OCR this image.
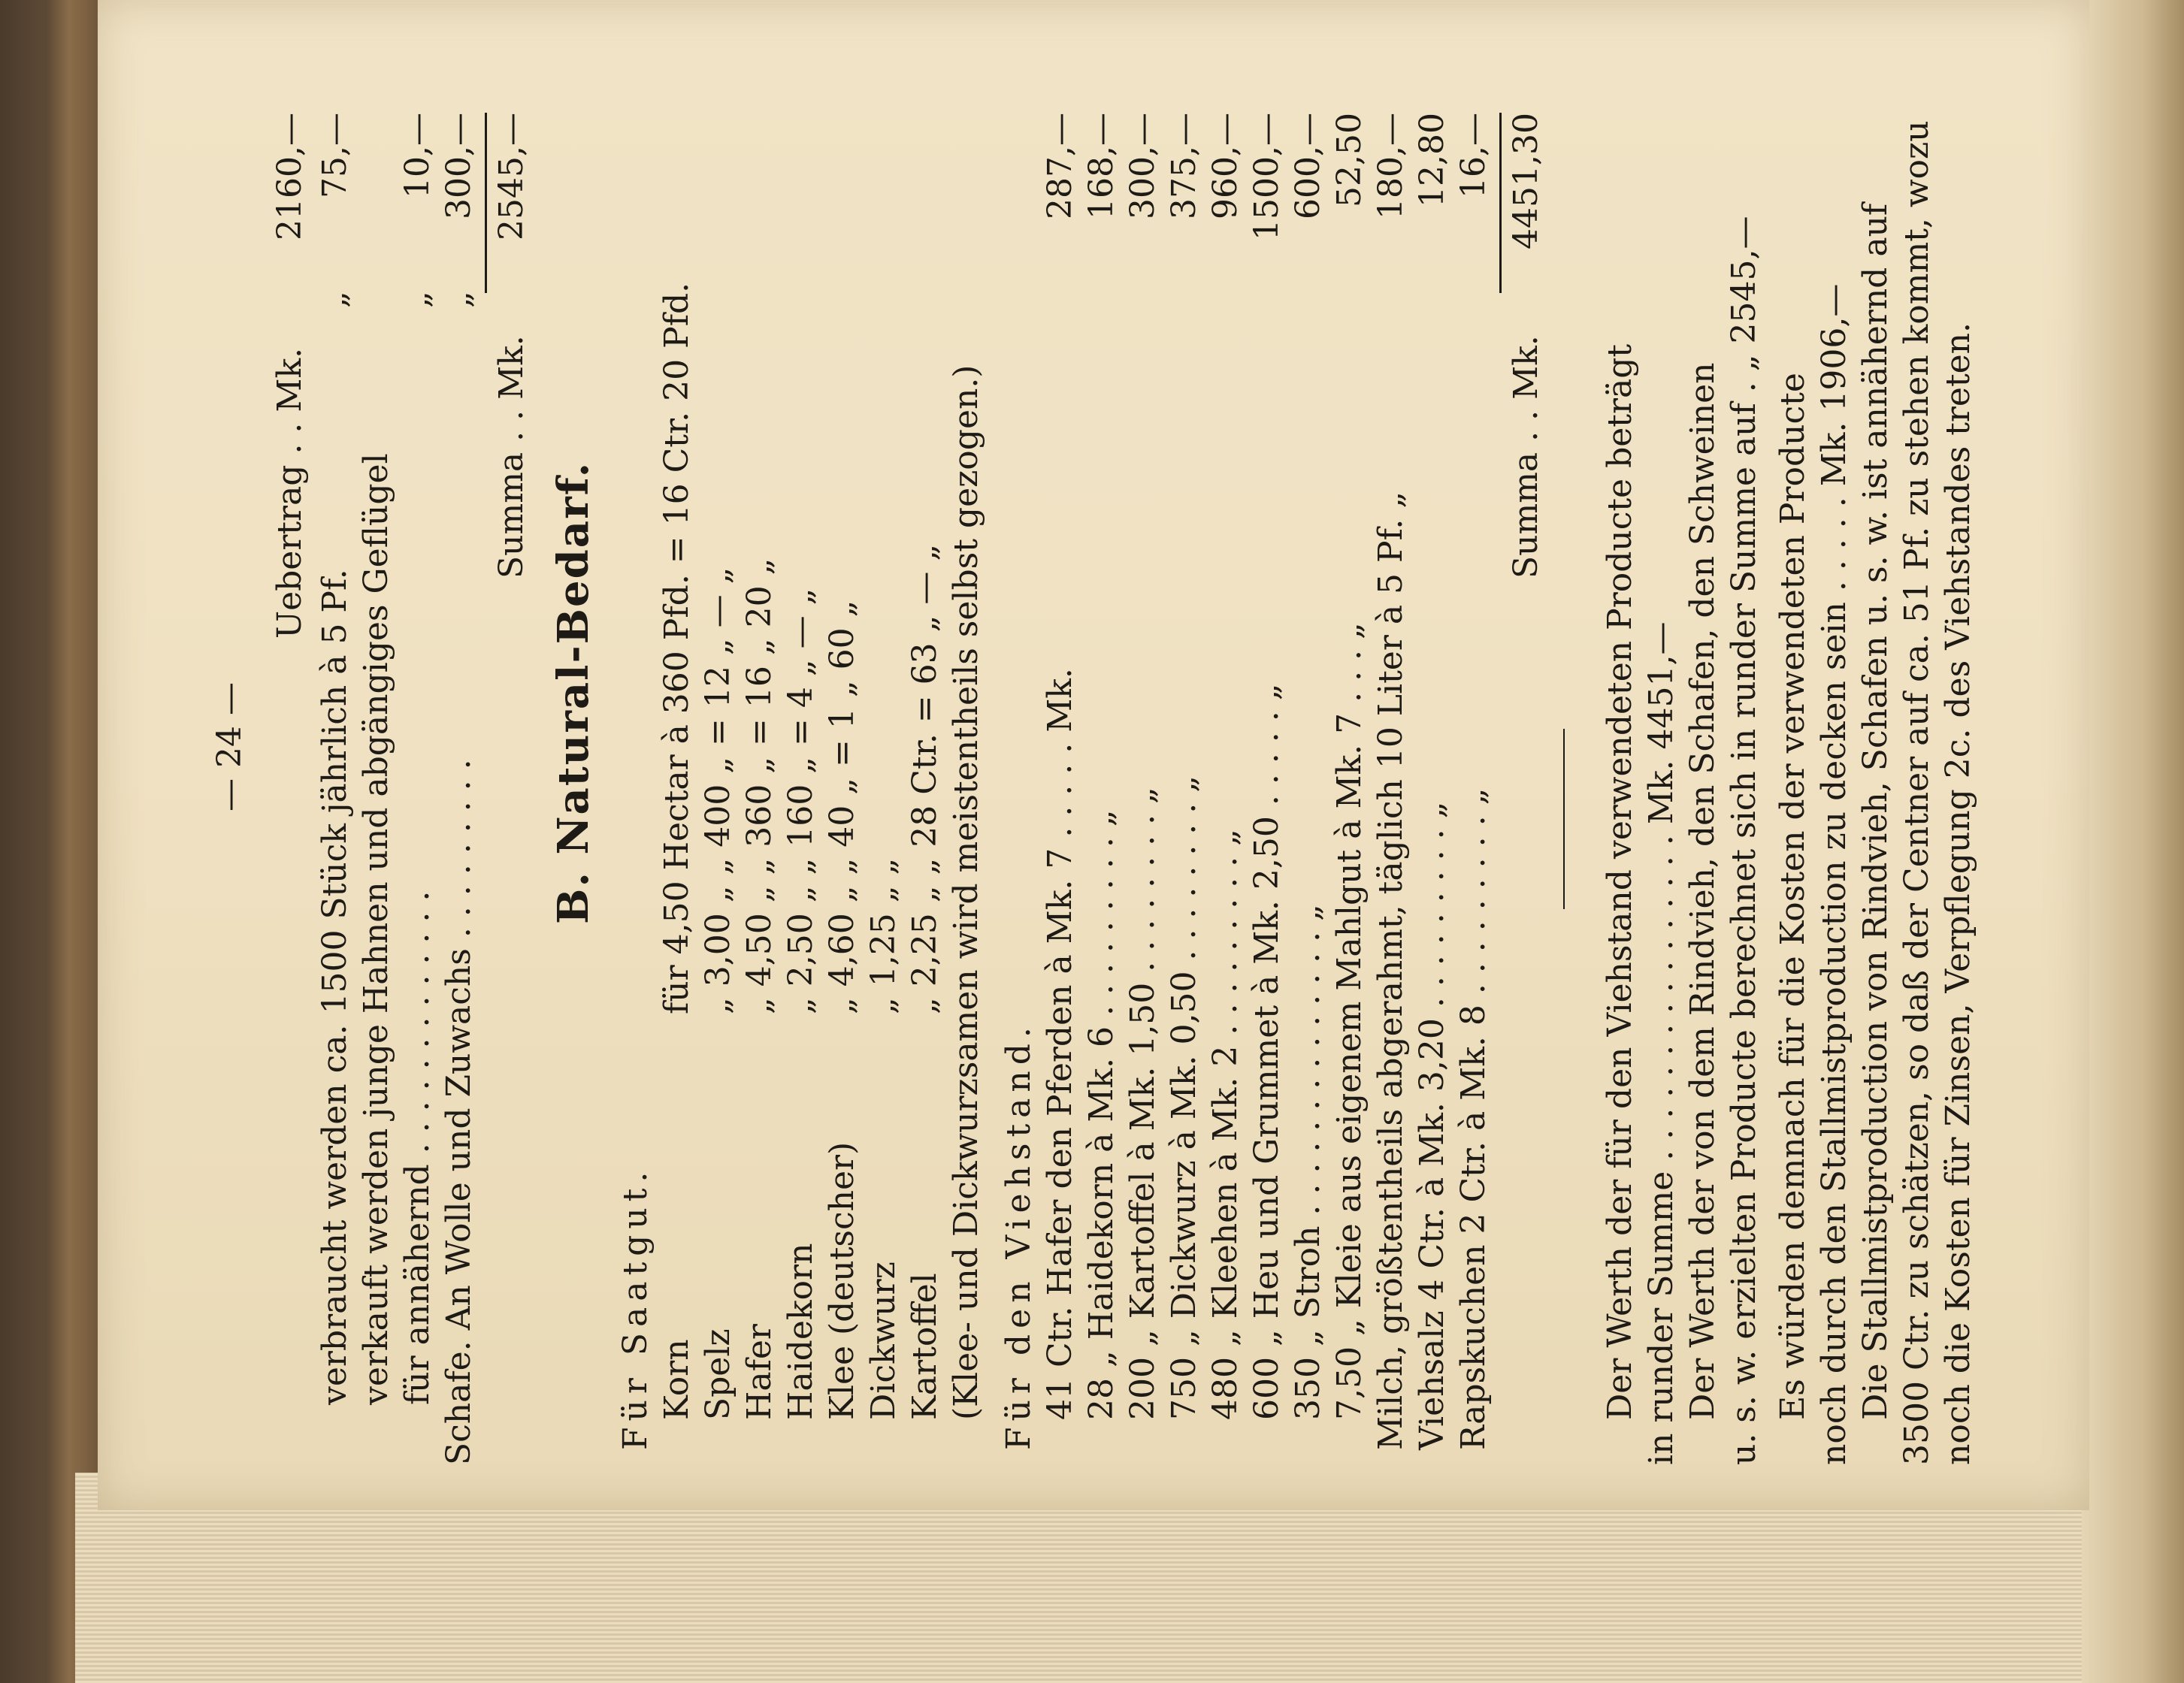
— 24 —
Uebertrag . . Mk.
2160,—
verbraucht werden ca. 1500 Stück jährlich à 5 Pf.
„
75,—
verkauft werden junge Hahnen und abgängiges Geflügel für annähernd . . . . . . . . . . . . .
„
10,—
Schafe. An Wolle und Zuwachs . . . . . . . . .
„
300,—
Summa . . Mk.
2545,—
B. Natural-Bedarf.
Für Saatgut. Korn
für 4,50 Hectar à 360 Pfd. = 16 Ctr. 20 Pfd.
Spelz
„ 3,00 „ „ 400 „ = 12 „ — „
Hafer
„ 4,50 „ „ 360 „ = 16 „ 20 „
Haidekorn
„ 2,50 „ „ 160 „ = 4 „ — „
Klee (deutscher)
„ 4,60 „ „ 40 „ = 1 „ 60 „
Dickwurz
„ 1,25 „ „
Kartoffel
„ 2,25 „ „ 28 Ctr. = 63 „ — „ (Klee- und Dickwurzsamen wird meistentheils selbst gezogen.) Für den Viehstand. 41 Ctr. Hafer den Pferden à Mk. 7 . . . . . Mk.
287,—
28 „ Haidekorn à Mk. 6 . . . . . . . . . „
168,—
200 „ Kartoffel à Mk. 1,50 . . . . . . . . „
300,—
750 „ Dickwurz à Mk. 0,50 . . . . . . . . „
375,—
480 „ Kleehen à Mk. 2 . . . . . . . . . „
960,—
600 „ Heu und Grummet à Mk. 2,50 . . . . . „
1500,—
350 „ Stroh . . . . . . . . . . . . . . „
600,—
7,50 „ Kleie aus eigenem Mahlgut à Mk. 7 . . . „
52,50
Milch, größtentheils abgerahmt, täglich 10 Liter à 5 Pf. „
180,—
Viehsalz 4 Ctr. à Mk. 3,20 . . . . . . . . . „
12,80
Rapskuchen 2 Ctr. à Mk. 8 . . . . . . . . . „
16,—
Summa . . Mk.
4451,30
Der Werth der für den Viehstand verwendeten Producte beträgt in runder Summe . . . . . . . . . . . . . . . . Mk. 4451,— Der Werth der von dem Rindvieh, den Schafen, den Schweinen u. s. w. erzielten Producte berechnet sich in runder Summe auf . „ 2545,— Es würden demnach für die Kosten der verwendeten Producte noch durch den Stallmistproduction zu decken sein . . . . . Mk. 1906,— Die Stallmistproduction von Rindvieh, Schafen u. s. w. ist annähernd auf 3500 Ctr. zu schätzen, so daß der Centner auf ca. 51 Pf. zu stehen kommt, wozu noch die Kosten für Zinsen, Verpflegung 2c. des Viehstandes treten.
